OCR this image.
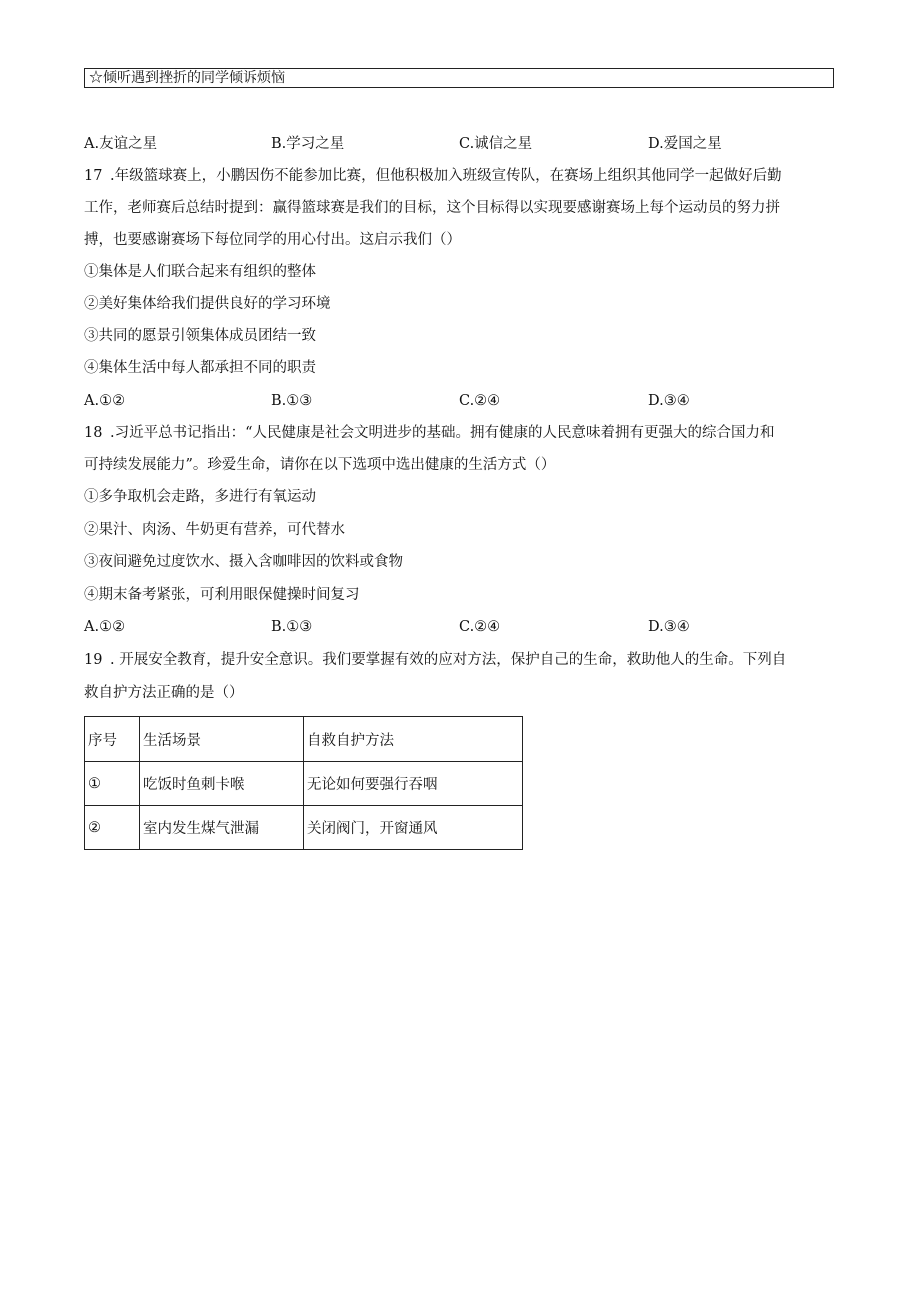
☆倾听遇到挫折的同学倾诉烦恼
A.友谊之星	B.学习之星	C.诚信之星	D.爱国之星
17 .年级篮球赛上，小鹏因伤不能参加比赛，但他积极加入班级宣传队，在赛场上组织其他同学一起做好后勤
工作，老师赛后总结时提到：赢得篮球赛是我们的目标，这个目标得以实现要感谢赛场上每个运动员的努力拼
搏，也要感谢赛场下每位同学的用心付出。这启示我们（）
①集体是人们联合起来有组织的整体
②美好集体给我们提供良好的学习环境
③共同的愿景引领集体成员团结一致
④集体生活中每人都承担不同的职责
A.①②	B.①③	C.②④	D.③④
18 .习近平总书记指出：“人民健康是社会文明进步的基础。拥有健康的人民意味着拥有更强大的综合国力和
可持续发展能力”。珍爱生命，请你在以下选项中选出健康的生活方式（）
①多争取机会走路，多进行有氧运动
②果汁、肉汤、牛奶更有营养，可代替水
③夜间避免过度饮水、摄入含咖啡因的饮料或食物
④期末备考紧张，可利用眼保健操时间复习
A.①②	B.①③	C.②④	D.③④
19 . 开展安全教育，提升安全意识。我们要掌握有效的应对方法，保护自己的生命，救助他人的生命。下列自
救自护方法正确的是（）
序号	生活场景	自救自护方法
①	吃饭时鱼刺卡喉	无论如何要强行吞咽
②	室内发生煤气泄漏	关闭阀门，开窗通风
